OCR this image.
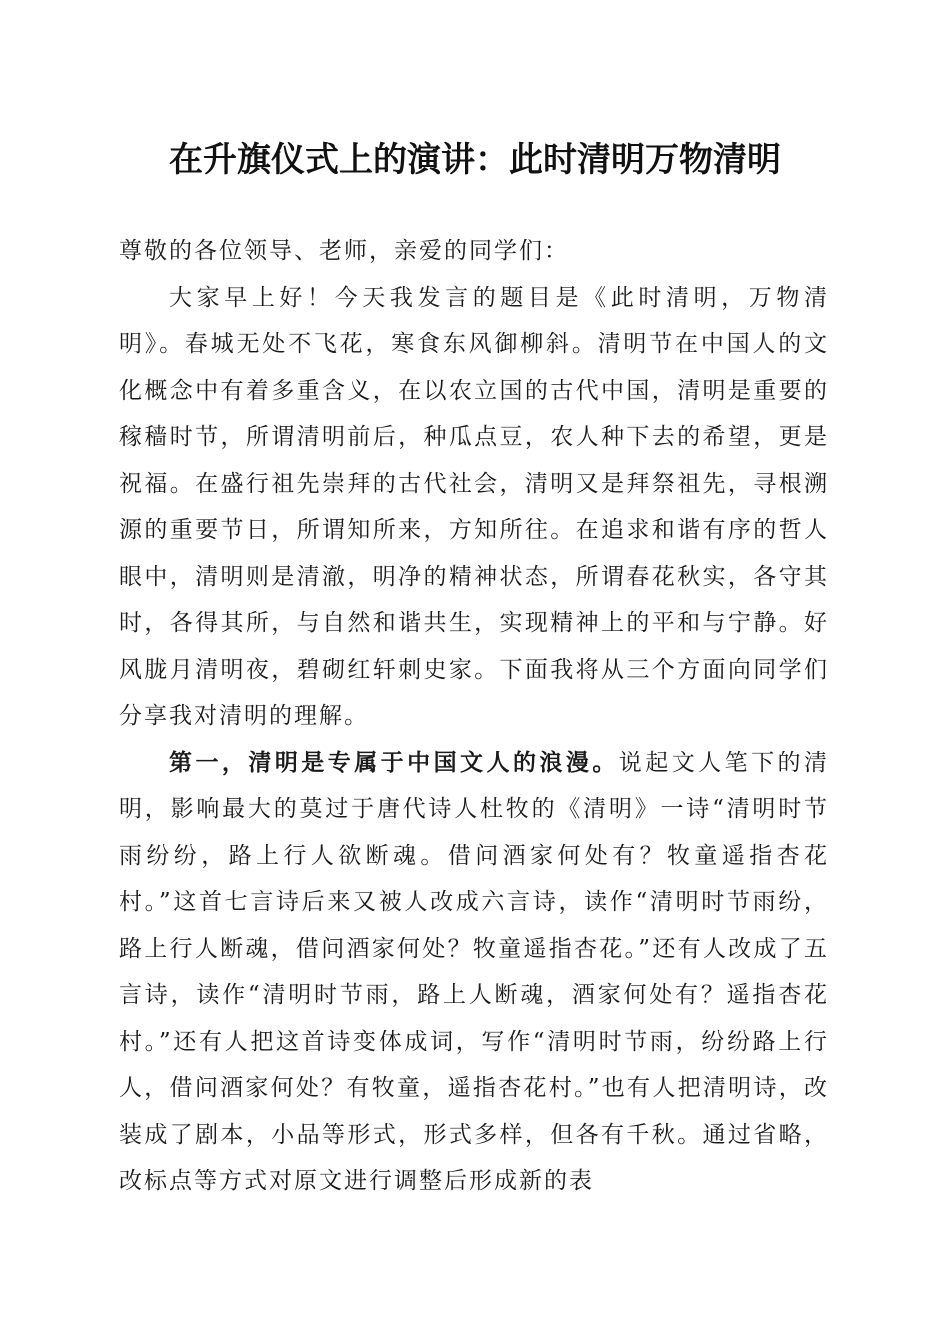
在升旗仪式上的演讲：此时清明万物清明

尊敬的各位领导、老师，亲爱的同学们：

大家早上好！今天我发言的题目是《此时清明，万物清明》。春城无处不飞花，寒食东风御柳斜。清明节在中国人的文化概念中有着多重含义，在以农立国的古代中国，清明是重要的稼穑时节，所谓清明前后，种瓜点豆，农人种下去的希望，更是祝福。在盛行祖先崇拜的古代社会，清明又是拜祭祖先，寻根溯源的重要节日，所谓知所来，方知所往。在追求和谐有序的哲人眼中，清明则是清澈，明净的精神状态，所谓春花秋实，各守其时，各得其所，与自然和谐共生，实现精神上的平和与宁静。好风胧月清明夜，碧砌红轩刺史家。下面我将从三个方面向同学们分享我对清明的理解。

第一，清明是专属于中国文人的浪漫。说起文人笔下的清明，影响最大的莫过于唐代诗人杜牧的《清明》一诗“清明时节雨纷纷，路上行人欲断魂。借问酒家何处有？牧童遥指杏花村。”这首七言诗后来又被人改成六言诗，读作“清明时节雨纷，路上行人断魂，借问酒家何处？牧童遥指杏花。”还有人改成了五言诗，读作“清明时节雨，路上人断魂，酒家何处有？遥指杏花村。”还有人把这首诗变体成词，写作“清明时节雨，纷纷路上行人，借问酒家何处？有牧童，遥指杏花村。”也有人把清明诗，改装成了剧本，小品等形式，形式多样，但各有千秋。通过省略，改标点等方式对原文进行调整后形成新的表
